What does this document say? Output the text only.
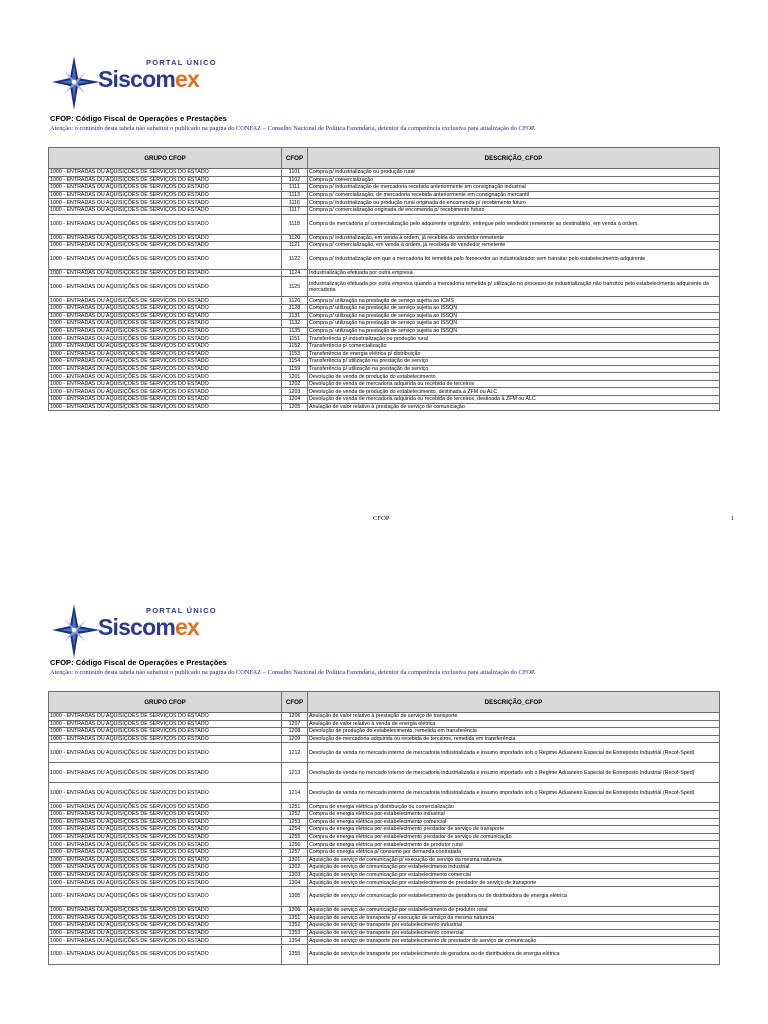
PORTAL ÚNICO
Siscomex
CFOP: Código Fiscal de Operações e Prestações
Atenção: o conteúdo desta tabela não substitui o publicado na pagina do CONFAZ – Conselho Nacional de Política Fazendária, detentor da competência exclusiva para atualização do CFOP.
GRUPO CFOP	CFOP	DESCRIÇÃO_CFOP
1000 - ENTRADAS OU AQUISIÇÕES DE SERVIÇOS DO ESTADO	1101	Compra p/ industrialização ou produção rural
1000 - ENTRADAS OU AQUISIÇÕES DE SERVIÇOS DO ESTADO	1102	Compra p/ comercialização
1000 - ENTRADAS OU AQUISIÇÕES DE SERVIÇOS DO ESTADO	1111	Compra p/ industrialização de mercadoria recebida anteriormente em consignação industrial
1000 - ENTRADAS OU AQUISIÇÕES DE SERVIÇOS DO ESTADO	1113	Compra p/ comercialização, de mercadoria recebida anteriormente em consignação mercantil
1000 - ENTRADAS OU AQUISIÇÕES DE SERVIÇOS DO ESTADO	1116	Compra p/ industrialização ou produção rural originada de encomenda p/ recebimento futuro
1000 - ENTRADAS OU AQUISIÇÕES DE SERVIÇOS DO ESTADO	1117	Compra p/ comercialização originada de encomenda p/ recebimento futuro
1000 - ENTRADAS OU AQUISIÇÕES DE SERVIÇOS DO ESTADO	1118	Compra de mercadoria p/ comercialização pelo adquirente originário, entregue pelo vendedor remetente ao destinatário, em venda à ordem.
1000 - ENTRADAS OU AQUISIÇÕES DE SERVIÇOS DO ESTADO	1120	Compra p/ industrialização, em venda à ordem, já recebida do vendedor remetente
1000 - ENTRADAS OU AQUISIÇÕES DE SERVIÇOS DO ESTADO	1121	Compra p/ comercialização, em venda à ordem, já recebida do vendedor remetente
1000 - ENTRADAS OU AQUISIÇÕES DE SERVIÇOS DO ESTADO	1122	Compra p/ industrialização em que a mercadoria foi remetida pelo fornecedor ao industrializador sem transitar pelo estabelecimento adquirente
1000 - ENTRADAS OU AQUISIÇÕES DE SERVIÇOS DO ESTADO	1124	Industrialização efetuada por outra empresa
1000 - ENTRADAS OU AQUISIÇÕES DE SERVIÇOS DO ESTADO	1125	Industrialização efetuada por outra empresa quando a mercadoria remetida p/ utilização no processo de industrialização não transitou pelo estabelecimento adquirente da mercadoria
1000 - ENTRADAS OU AQUISIÇÕES DE SERVIÇOS DO ESTADO	1126	Compra p/ utilização na prestação de serviço sujeita ao ICMS
1000 - ENTRADAS OU AQUISIÇÕES DE SERVIÇOS DO ESTADO	1128	Compra p/ utilização na prestação de serviço sujeita ao ISSQN
1000 - ENTRADAS OU AQUISIÇÕES DE SERVIÇOS DO ESTADO	1131	Compra p/ utilização na prestação de serviço sujeita ao ISSQN
1000 - ENTRADAS OU AQUISIÇÕES DE SERVIÇOS DO ESTADO	1132	Compra p/ utilização na prestação de serviço sujeita ao ISSQN
1000 - ENTRADAS OU AQUISIÇÕES DE SERVIÇOS DO ESTADO	1135	Compra p/ utilização na prestação de serviço sujeita ao ISSQN
1000 - ENTRADAS OU AQUISIÇÕES DE SERVIÇOS DO ESTADO	1151	Transferência p/ industrialização ou produção rural
1000 - ENTRADAS OU AQUISIÇÕES DE SERVIÇOS DO ESTADO	1152	Transferência p/ comercialização
1000 - ENTRADAS OU AQUISIÇÕES DE SERVIÇOS DO ESTADO	1153	Transferência de energia elétrica p/ distribuição
1000 - ENTRADAS OU AQUISIÇÕES DE SERVIÇOS DO ESTADO	1154	Transferência p/ utilização na prestação de serviço
1000 - ENTRADAS OU AQUISIÇÕES DE SERVIÇOS DO ESTADO	1159	Transferência p/ utilização na prestação de serviço
1000 - ENTRADAS OU AQUISIÇÕES DE SERVIÇOS DO ESTADO	1201	Devolução de venda de produção do estabelecimento
1000 - ENTRADAS OU AQUISIÇÕES DE SERVIÇOS DO ESTADO	1202	Devolução de venda de mercadoria adquirida ou recebida de terceiros
1000 - ENTRADAS OU AQUISIÇÕES DE SERVIÇOS DO ESTADO	1203	Devolução de venda de produção do estabelecimento, destinada à ZFM ou ALC
1000 - ENTRADAS OU AQUISIÇÕES DE SERVIÇOS DO ESTADO	1204	Devolução de venda de mercadoria adquirida ou recebida de terceiros, destinada à ZFM ou ALC
1000 - ENTRADAS OU AQUISIÇÕES DE SERVIÇOS DO ESTADO	1205	Anulação de valor relativo à prestação de serviço de comunicação
CFOP	1
PORTAL ÚNICO
Siscomex
CFOP: Código Fiscal de Operações e Prestações
Atenção: o conteúdo desta tabela não substitui o publicado na pagina do CONFAZ – Conselho Nacional de Política Fazendária, detentor da competência exclusiva para atualização do CFOP.
GRUPO CFOP	CFOP	DESCRIÇÃO_CFOP
1000 - ENTRADAS OU AQUISIÇÕES DE SERVIÇOS DO ESTADO	1206	Anulação de valor relativo à prestação de serviço de transporte
1000 - ENTRADAS OU AQUISIÇÕES DE SERVIÇOS DO ESTADO	1207	Anulação de valor relativo à venda de energia elétrica
1000 - ENTRADAS OU AQUISIÇÕES DE SERVIÇOS DO ESTADO	1208	Devolução de produção do estabelecimento, remetida em transferência
1000 - ENTRADAS OU AQUISIÇÕES DE SERVIÇOS DO ESTADO	1209	Devolução de mercadoria adquirida ou recebida de terceiros, remetida em transferência
1000 - ENTRADAS OU AQUISIÇÕES DE SERVIÇOS DO ESTADO	1212	Devolução de venda no mercado interno de mercadoria industrializada e insumo importado sob o Regime Aduaneiro Especial de Entreposto Industrial (Recof-Sped)
1000 - ENTRADAS OU AQUISIÇÕES DE SERVIÇOS DO ESTADO	1213	Devolução de venda no mercado interno de mercadoria industrializada e insumo importado sob o Regime Aduaneiro Especial de Entreposto Industrial (Recof-Sped)
1000 - ENTRADAS OU AQUISIÇÕES DE SERVIÇOS DO ESTADO	1214	Devolução de venda no mercado interno de mercadoria industrializada e insumo importado sob o Regime Aduaneiro Especial de Entreposto Industrial (Recof-Sped)
1000 - ENTRADAS OU AQUISIÇÕES DE SERVIÇOS DO ESTADO	1251	Compra de energia elétrica p/ distribuição ou comercialização
1000 - ENTRADAS OU AQUISIÇÕES DE SERVIÇOS DO ESTADO	1252	Compra de energia elétrica por estabelecimento industrial
1000 - ENTRADAS OU AQUISIÇÕES DE SERVIÇOS DO ESTADO	1253	Compra de energia elétrica por estabelecimento comercial
1000 - ENTRADAS OU AQUISIÇÕES DE SERVIÇOS DO ESTADO	1254	Compra de energia elétrica por estabelecimento prestador de serviço de transporte
1000 - ENTRADAS OU AQUISIÇÕES DE SERVIÇOS DO ESTADO	1255	Compra de energia elétrica por estabelecimento prestador de serviço de comunicação
1000 - ENTRADAS OU AQUISIÇÕES DE SERVIÇOS DO ESTADO	1256	Compra de energia elétrica por estabelecimento de produtor rural
1000 - ENTRADAS OU AQUISIÇÕES DE SERVIÇOS DO ESTADO	1257	Compra de energia elétrica p/ consumo por demanda contratada
1000 - ENTRADAS OU AQUISIÇÕES DE SERVIÇOS DO ESTADO	1301	Aquisição de serviço de comunicação p/ execução de serviço da mesma natureza
1000 - ENTRADAS OU AQUISIÇÕES DE SERVIÇOS DO ESTADO	1302	Aquisição de serviço de comunicação por estabelecimento industrial
1000 - ENTRADAS OU AQUISIÇÕES DE SERVIÇOS DO ESTADO	1303	Aquisição de serviço de comunicação por estabelecimento comercial
1000 - ENTRADAS OU AQUISIÇÕES DE SERVIÇOS DO ESTADO	1304	Aquisição de serviço de comunicação por estabelecimento de prestador de serviço de transporte
1000 - ENTRADAS OU AQUISIÇÕES DE SERVIÇOS DO ESTADO	1305	Aquisição de serviço de comunicação por estabelecimento de geradora ou de distribuidora de energia elétrica
1000 - ENTRADAS OU AQUISIÇÕES DE SERVIÇOS DO ESTADO	1306	Aquisição de serviço de comunicação por estabelecimento de produtor rural
1000 - ENTRADAS OU AQUISIÇÕES DE SERVIÇOS DO ESTADO	1351	Aquisição de serviço de transporte p/ execução de serviço da mesma natureza
1000 - ENTRADAS OU AQUISIÇÕES DE SERVIÇOS DO ESTADO	1352	Aquisição de serviço de transporte por estabelecimento industrial
1000 - ENTRADAS OU AQUISIÇÕES DE SERVIÇOS DO ESTADO	1353	Aquisição de serviço de transporte por estabelecimento comercial
1000 - ENTRADAS OU AQUISIÇÕES DE SERVIÇOS DO ESTADO	1354	Aquisição de serviço de transporte por estabelecimento de prestador de serviço de comunicação
1000 - ENTRADAS OU AQUISIÇÕES DE SERVIÇOS DO ESTADO	1355	Aquisição de serviço de transporte por estabelecimento de geradora ou de distribuidora de energia elétrica
